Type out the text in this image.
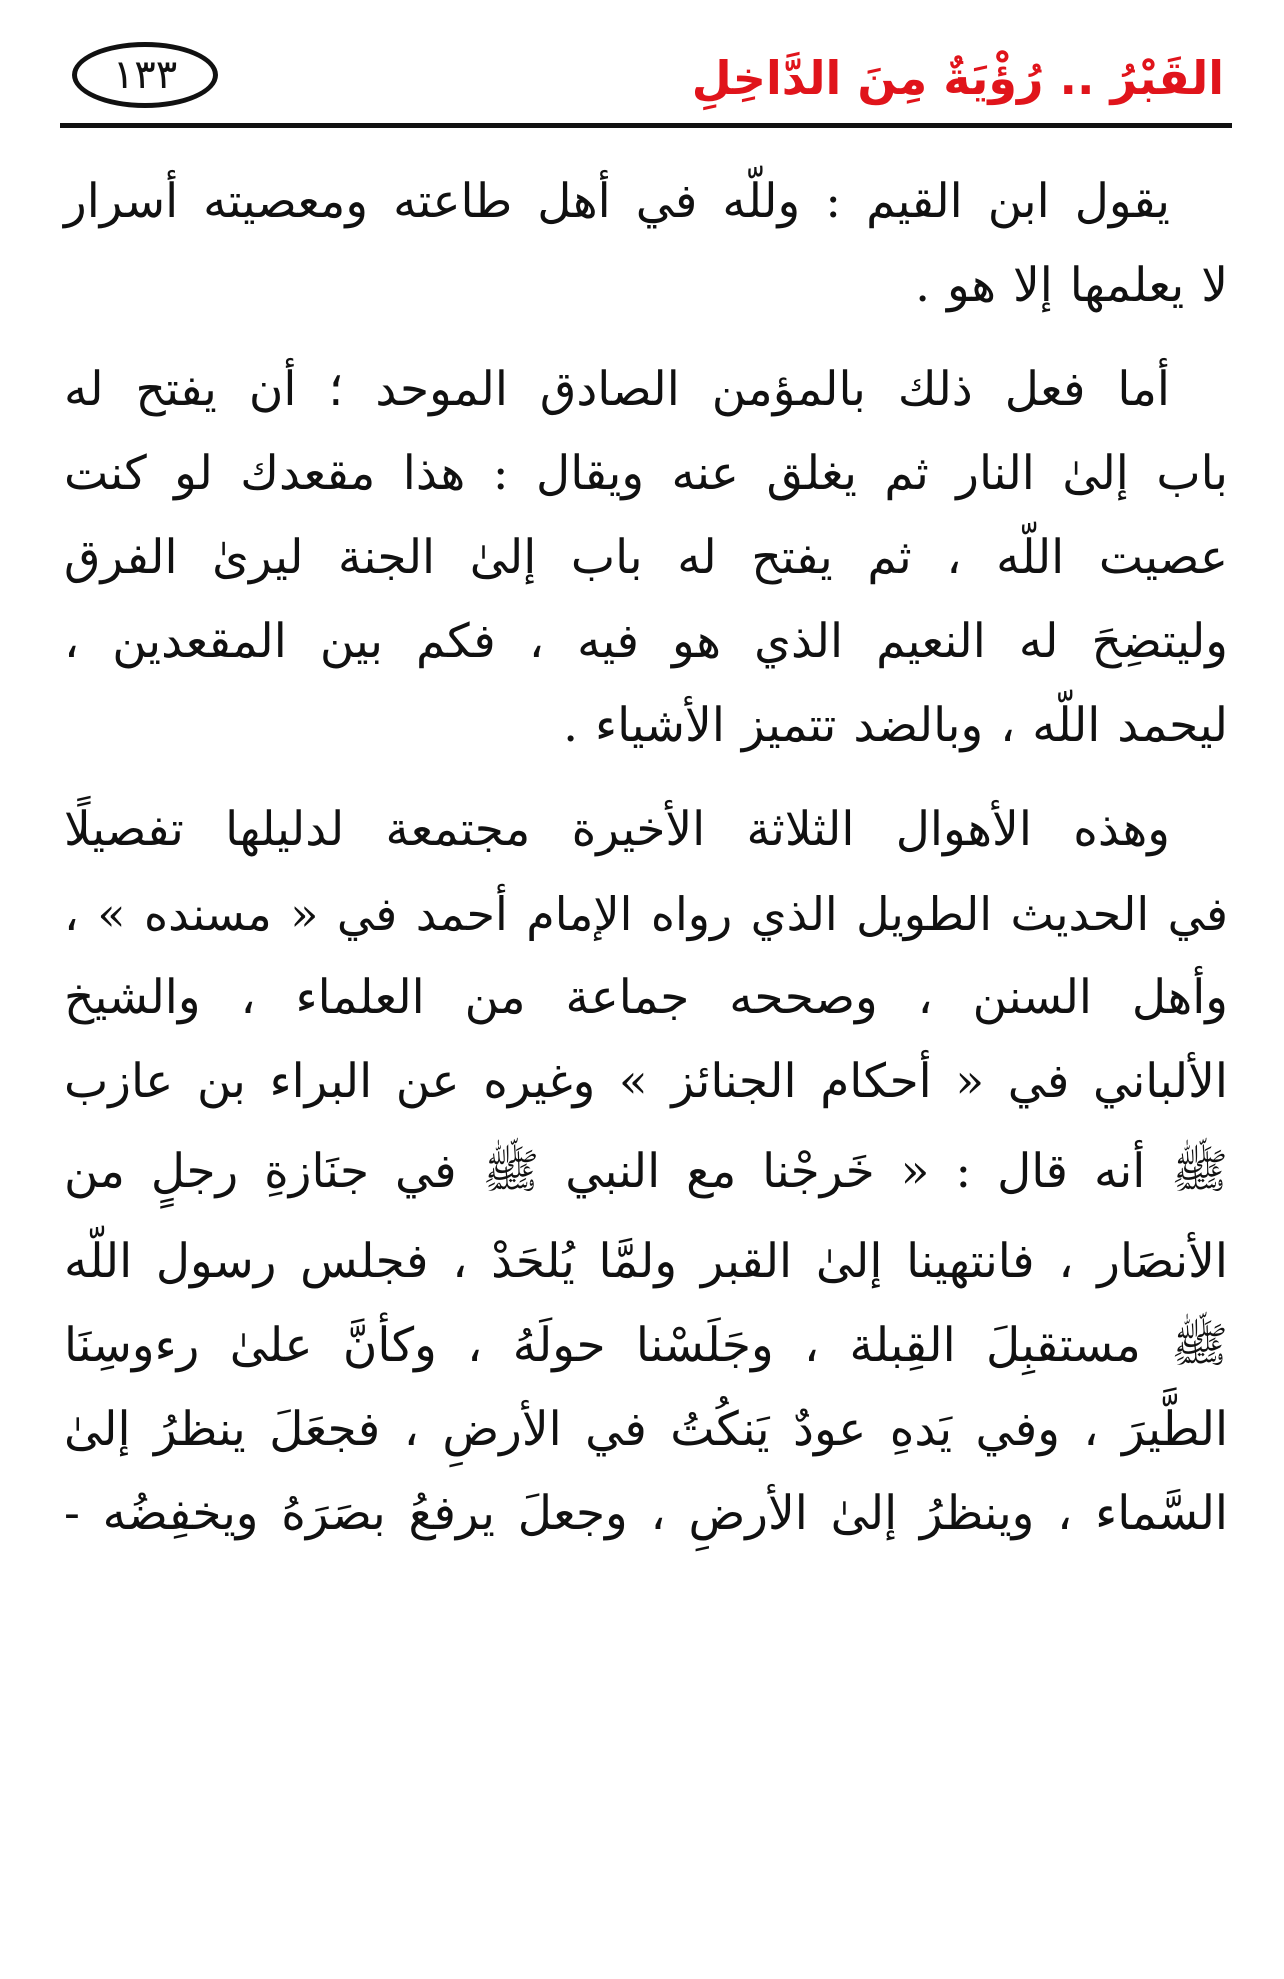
القَبْرُ .. رُؤْيَةٌ مِنَ الدَّاخِلِ
١٣٣
يقول ابن القيم : وللّه في أهل طاعته ومعصيته أسرار
لا يعلمها إلا هو .
أما فعل ذلك بالمؤمن الصادق الموحد ؛ أن يفتح له
باب إلىٰ النار ثم يغلق عنه ويقال : هذا مقعدك لو كنت
عصيت اللّه ، ثم يفتح له باب إلىٰ الجنة ليرىٰ الفرق
وليتضِحَ له النعيم الذي هو فيه ، فكم بين المقعدين ،
ليحمد اللّه ، وبالضد تتميز الأشياء .
وهذه الأهوال الثلاثة الأخيرة مجتمعة لدليلها تفصيلًا
في الحديث الطويل الذي رواه الإمام أحمد في « مسنده » ،
وأهل السنن ، وصححه جماعة من العلماء ، والشيخ
الألباني في « أحكام الجنائز » وغيره عن البراء بن عازب
ﷺ أنه قال : « خَرجْنا مع النبي ﷺ في جنَازةِ رجلٍ من
الأنصَار ، فانتهينا إلىٰ القبر ولمَّا يُلحَدْ ، فجلس رسول اللّه
ﷺ مستقبِلَ القِبلة ، وجَلَسْنا حولَهُ ، وكأنَّ علىٰ رءوسِنَا
الطَّيرَ ، وفي يَدهِ عودٌ يَنكُتُ في الأرضِ ، فجعَلَ ينظرُ إلىٰ
السَّماء ، وينظرُ إلىٰ الأرضِ ، وجعلَ يرفعُ بصَرَهُ ويخفِضُه -
